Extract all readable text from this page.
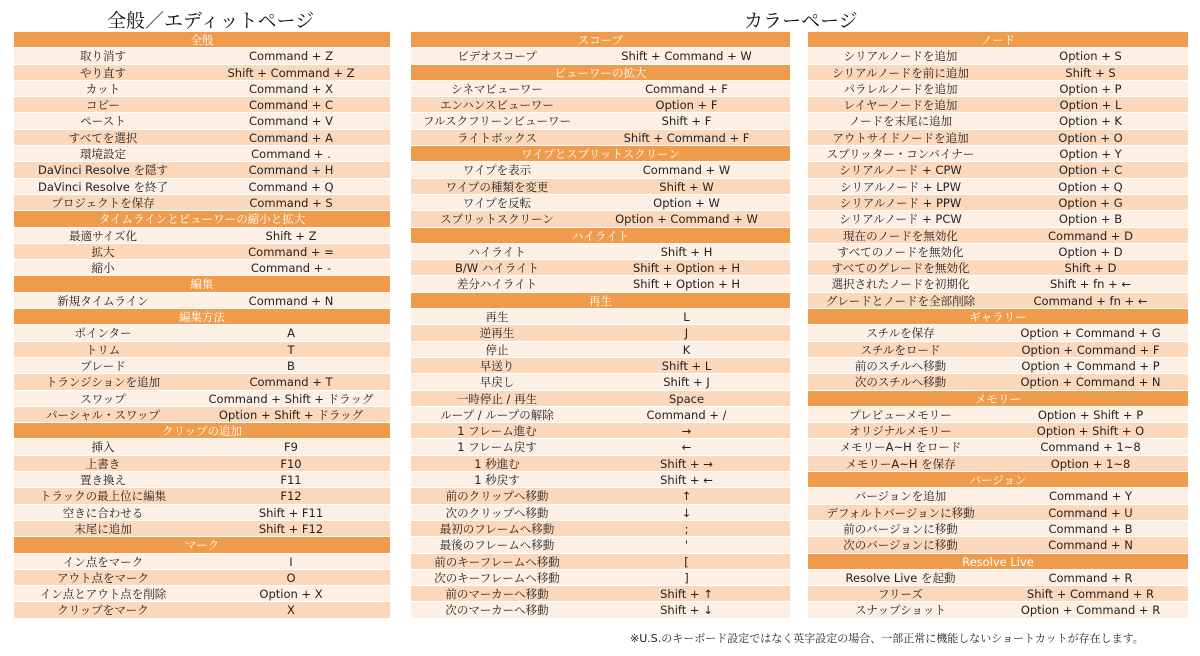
全般／エディットページ	カラーページ
全般
取り消す	Command + Z
やり直す	Shift + Command + Z
カット	Command + X
コピー	Command + C
ペースト	Command + V
すべてを選択	Command + A
環境設定	Command + .
DaVinci Resolve を隠す	Command + H
DaVinci Resolve を終了	Command + Q
プロジェクトを保存	Command + S
タイムラインとビューワーの縮小と拡大
最適サイズ化	Shift + Z
拡大	Command + =
縮小	Command + -
編集
新規タイムライン	Command + N
編集方法
ポインター	A
トリム	T
ブレード	B
トランジションを追加	Command + T
スワップ	Command + Shift + ドラッグ
パーシャル・スワップ	Option + Shift + ドラッグ
クリップの追加
挿入	F9
上書き	F10
置き換え	F11
トラックの最上位に編集	F12
空きに合わせる	Shift + F11
末尾に追加	Shift + F12
マーク
イン点をマーク	I
アウト点をマーク	O
イン点とアウト点を削除	Option + X
クリップをマーク	X
スコープ
ビデオスコープ	Shift + Command + W
ビューワーの拡大
シネマビューワー	Command + F
エンハンスビューワー	Option + F
フルスクフリーンビューワー	Shift + F
ライトボックス	Shift + Command + F
ワイプとスプリットスクリーン
ワイプを表示	Command + W
ワイプの種類を変更	Shift + W
ワイプを反転	Option + W
スプリットスクリーン	Option + Command + W
ハイライト
ハイライト	Shift + H
B/W ハイライト	Shift + Option + H
差分ハイライト	Shift + Option + H
再生
再生	L
逆再生	J
停止	K
早送り	Shift + L
早戻し	Shift + J
一時停止 / 再生	Space
ループ / ループの解除	Command + /
1 フレーム進む	→
1 フレーム戻す	←
1 秒進む	Shift + →
1 秒戻す	Shift + ←
前のクリップへ移動	↑
次のクリップへ移動	↓
最初のフレームへ移動	;
最後のフレームへ移動	'
前のキーフレームへ移動	[
次のキーフレームへ移動	]
前のマーカーへ移動	Shift + ↑
次のマーカーへ移動	Shift + ↓
ノード
シリアルノードを追加	Option + S
シリアルノードを前に追加	Shift + S
パラレルノードを追加	Option + P
レイヤーノードを追加	Option + L
ノードを末尾に追加	Option + K
アウトサイドノードを追加	Option + O
スプリッター・コンバイナー	Option + Y
シリアルノード + CPW	Option + C
シリアルノード + LPW	Option + Q
シリアルノード + PPW	Option + G
シリアルノード + PCW	Option + B
現在のノードを無効化	Command + D
すべてのノードを無効化	Option + D
すべてのグレードを無効化	Shift + D
選択されたノードを初期化	Shift + fn + ←
グレードとノードを全部削除	Command + fn + ←
ギャラリー
スチルを保存	Option + Command + G
スチルをロード	Option + Command + F
前のスチルへ移動	Option + Command + P
次のスチルへ移動	Option + Command + N
メモリー
プレビューメモリー	Option + Shift + P
オリジナルメモリー	Option + Shift + O
メモリーA~H をロード	Command + 1~8
メモリーA~H を保存	Option + 1~8
バージョン
バージョンを追加	Command + Y
デフォルトバージョンに移動	Command + U
前のバージョンに移動	Command + B
次のバージョンに移動	Command + N
Resolve Live
Resolve Live を起動	Command + R
フリーズ	Shift + Command + R
スナップショット	Option + Command + R
※U.S.のキーボード設定ではなく英字設定の場合、一部正常に機能しないショートカットが存在します。
